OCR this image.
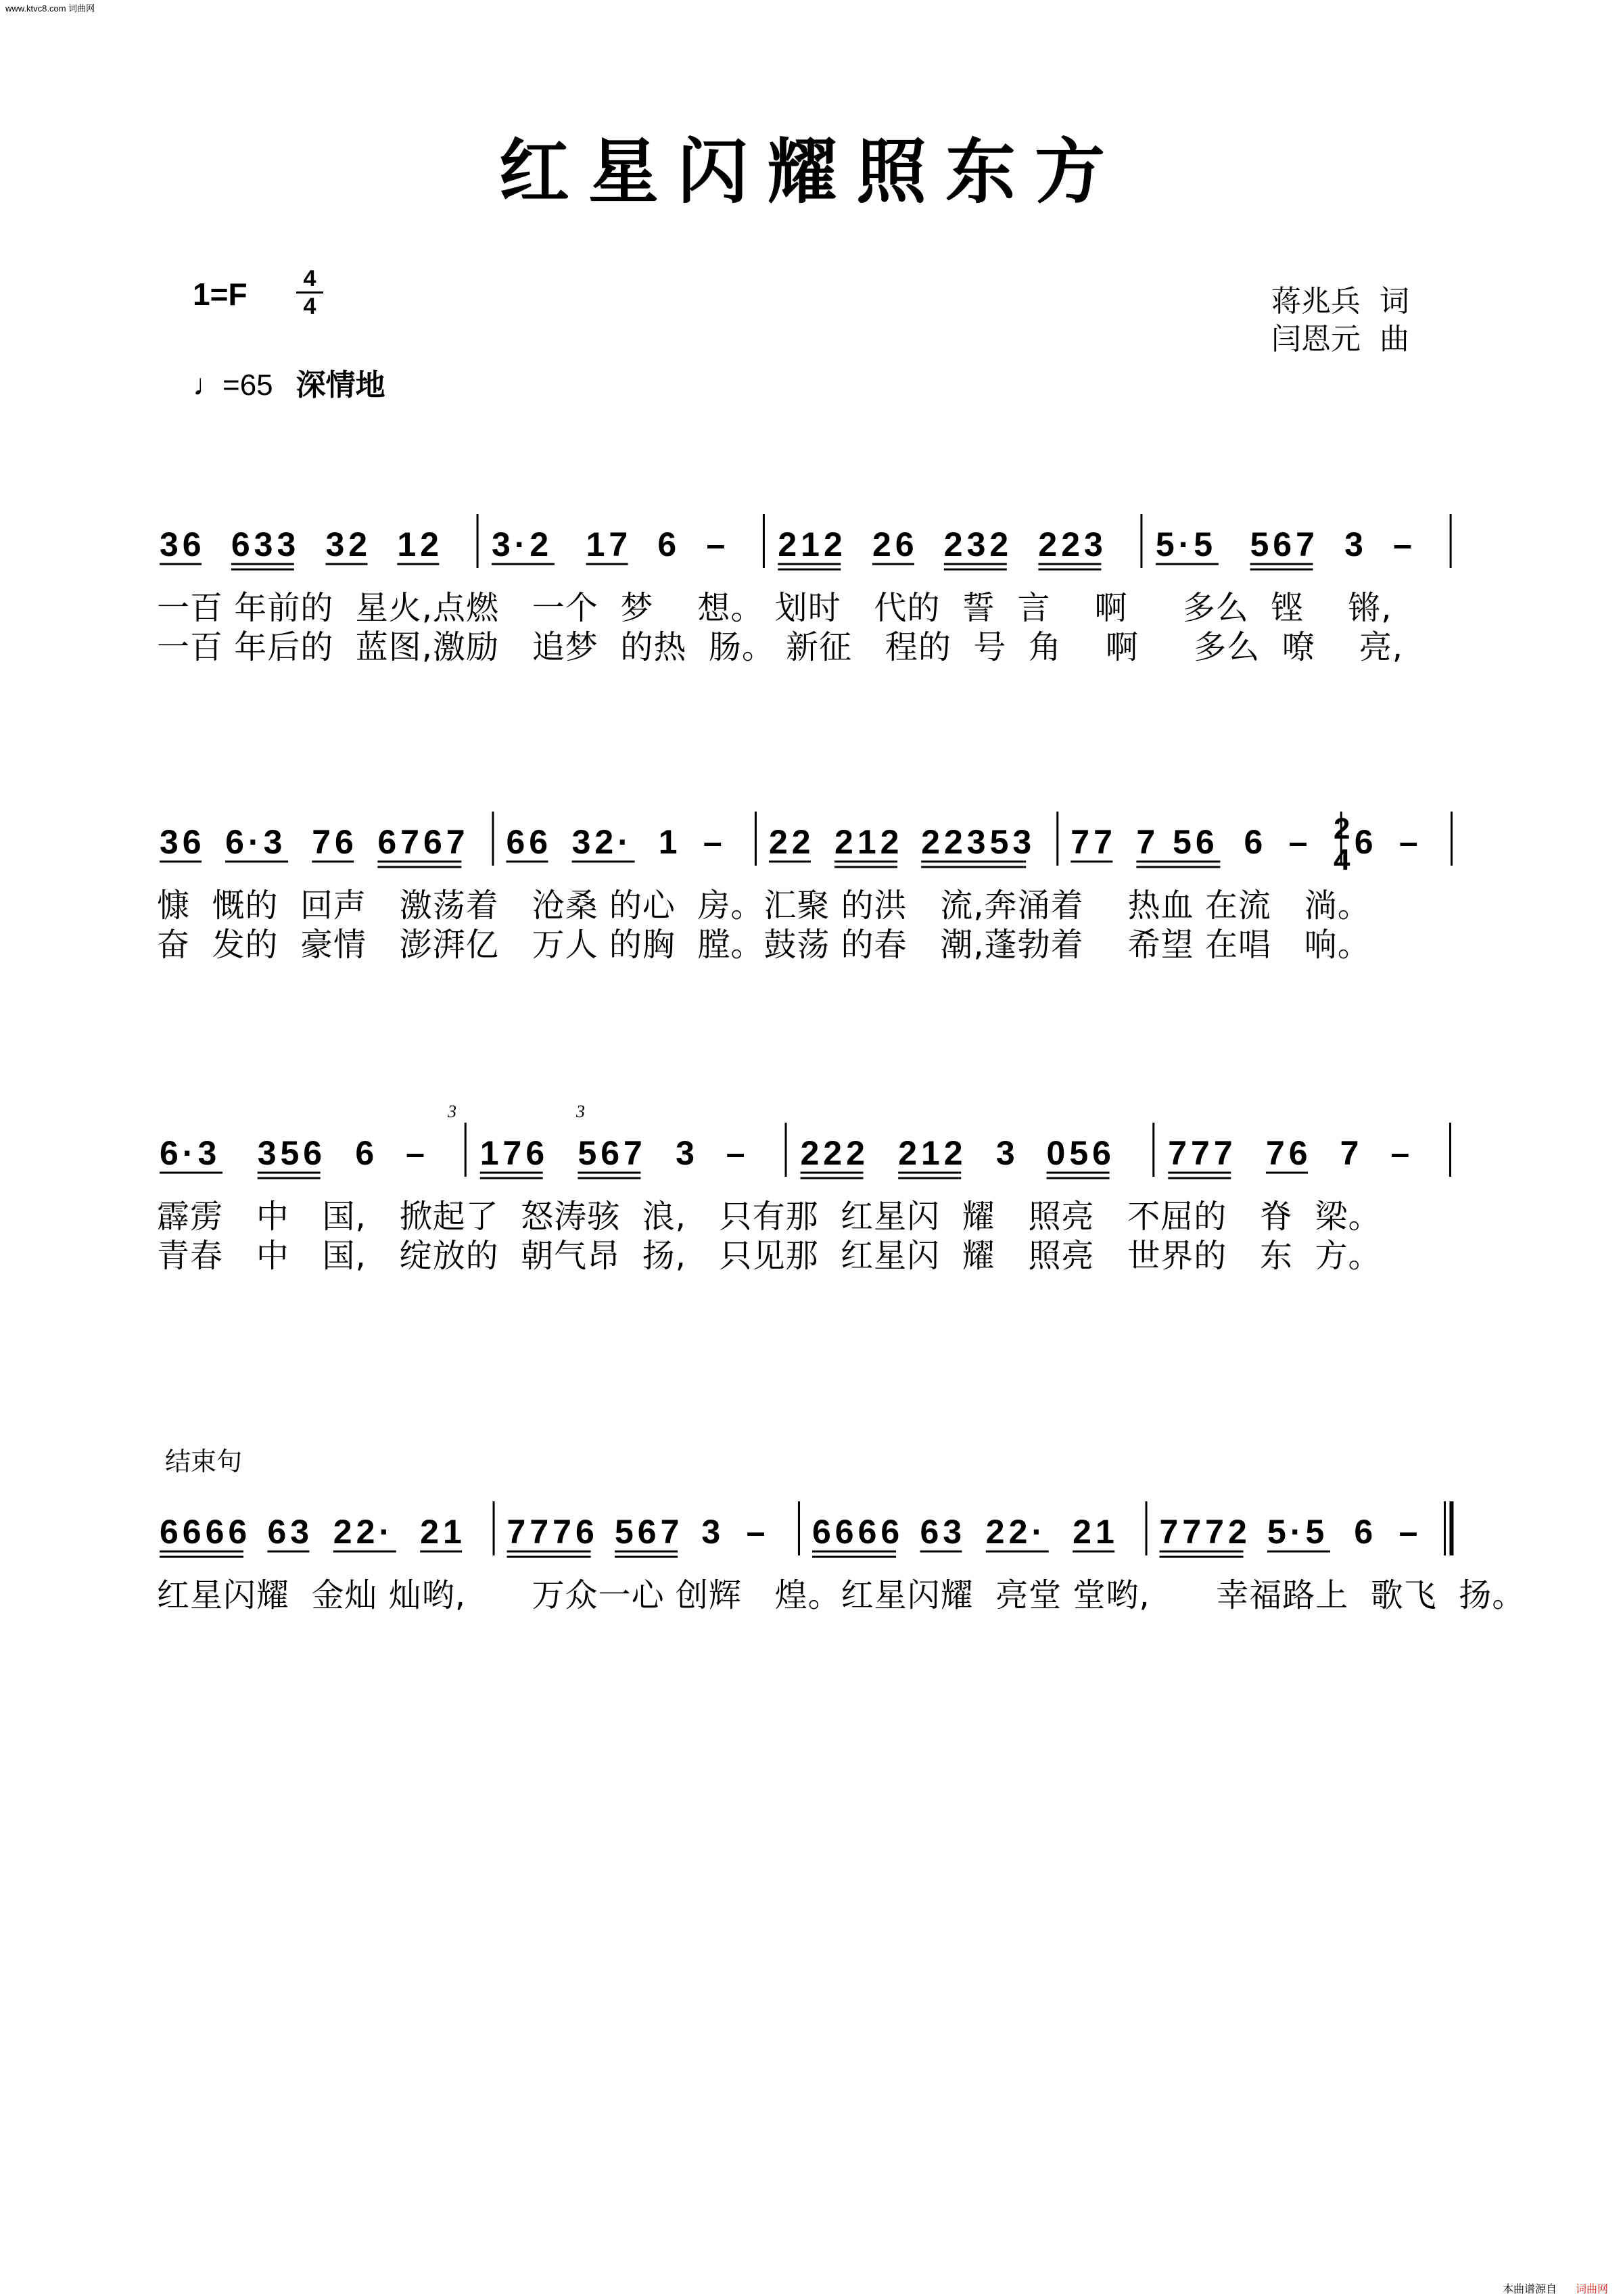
www.ktvc8.com 词曲网
红星闪耀照东方
1=F	4
4
♩=65 深情地
蒋兆兵  词
闫恩元  曲
36 633 32 12 3·2 17 6 – 212 26 232 223 5·5 567 3 –
一百 年前的  星火,点燃   一个  梦    想。 划时   代的  誓  言    啊     多么  铿    锵,
一百 年后的  蓝图,激励   追梦  的热  肠。 新征   程的  号  角    啊     多么  嘹    亮,
36 6·3 76 6767 66 32· 1 – 22 212 22353 77 7 56 6 – 6 –
2
4
慷  慨的  回声   激荡着   沧桑 的心  房。汇聚 的洪   流,奔涌着    热血 在流   淌。
奋  发的  豪情   澎湃亿   万人 的胸  膛。鼓荡 的春   潮,蓬勃着    希望 在唱   响。
6·3 356 6 – 176 567 3 – 222 212 3 056 777 76 7 –
3	3
霹雳   中   国,   掀起了  怒涛骇  浪,   只有那  红星闪  耀   照亮   不屈的   脊  梁。
青春   中   国,   绽放的  朝气昂  扬,   只见那  红星闪  耀   照亮   世界的   东  方。
结束句
6666 63 22· 21 7776 567 3 – 6666 63 22· 21 7772 5·5 6 –
红星闪耀  金灿 灿哟,      万众一心 创辉   煌。红星闪耀  亮堂 堂哟,      幸福路上  歌飞  扬。
本曲谱源自 词曲网
